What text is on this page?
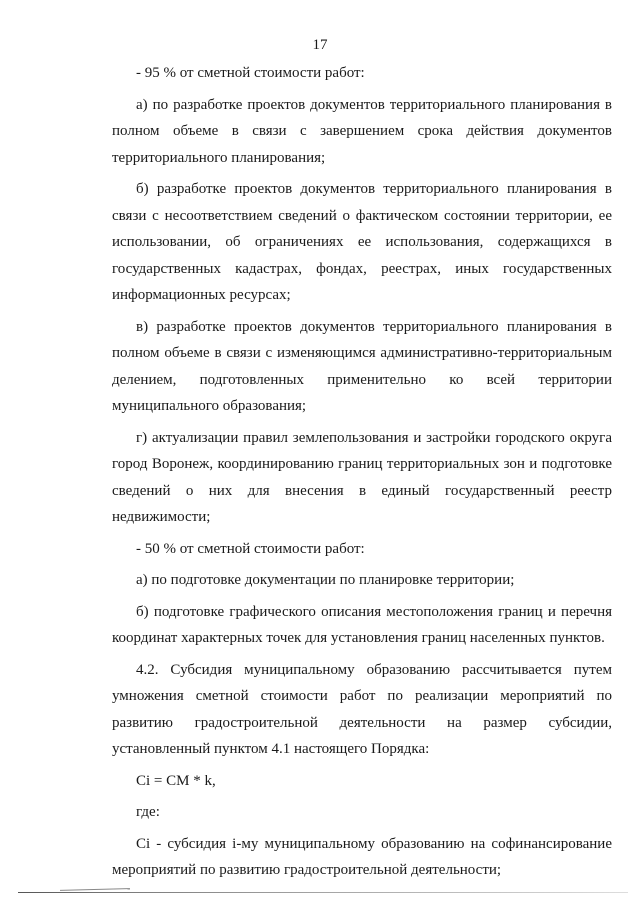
17

- 95 % от сметной стоимости работ:

а) по разработке проектов документов территориального планирования в полном объеме в связи с завершением срока действия документов территориального планирования;

б) разработке проектов документов территориального планирования в связи с несоответствием сведений о фактическом состоянии территории, ее использовании, об ограничениях ее использования, содержащихся в государственных кадастрах, фондах, реестрах, иных государственных информационных ресурсах;

в) разработке проектов документов территориального планирования в полном объеме в связи с изменяющимся административно-территориальным делением, подготовленных применительно ко всей территории муниципального образования;

г) актуализации правил землепользования и застройки городского округа город Воронеж, координированию границ территориальных зон и подготовке сведений о них для внесения в единый государственный реестр недвижимости;

- 50 % от сметной стоимости работ:

а) по подготовке документации по планировке территории;

б) подготовке графического описания местоположения границ и перечня координат характерных точек для установления границ населенных пунктов.

4.2. Субсидия муниципальному образованию рассчитывается путем умножения сметной стоимости работ по реализации мероприятий по развитию градостроительной деятельности на размер субсидии, установленный пунктом 4.1 настоящего Порядка:

Ci = CM * k,

где:

Ci - субсидия i-му муниципальному образованию на софинансирование мероприятий по развитию градостроительной деятельности;
